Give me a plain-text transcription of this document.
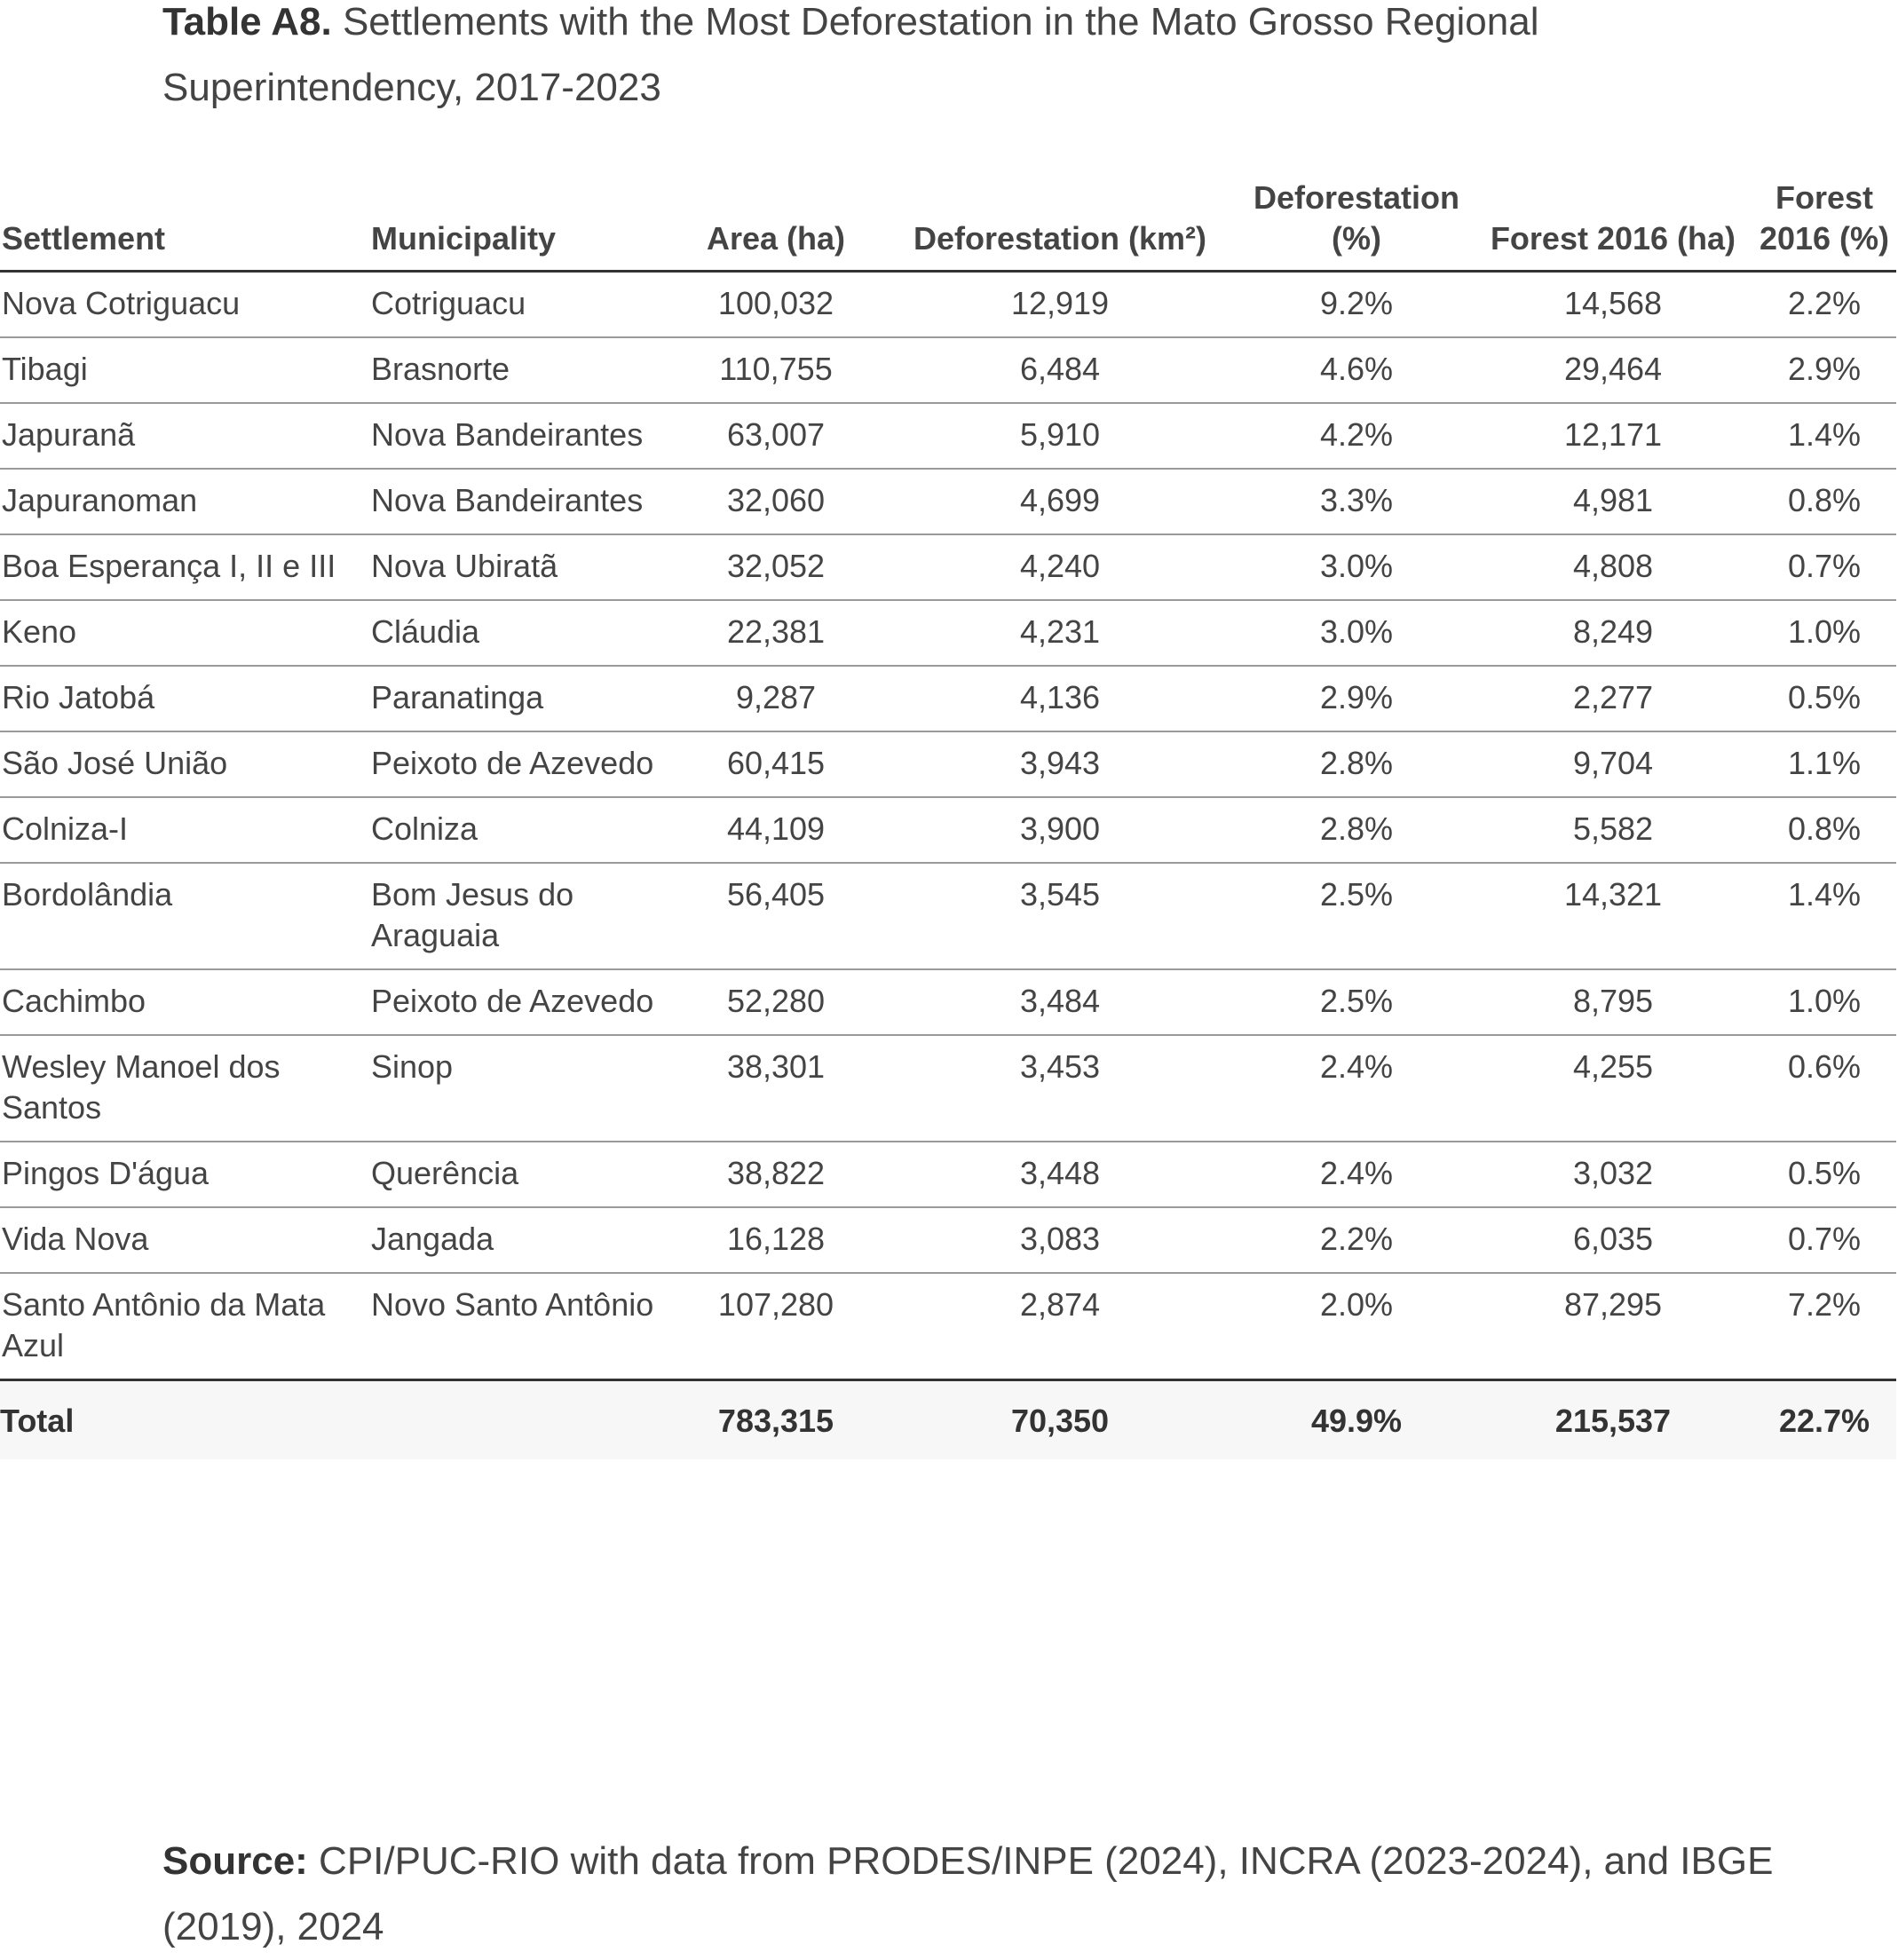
Table A8. Settlements with the Most Deforestation in the Mato Grosso Regional Superintendency, 2017-2023
Settlement	Municipality	Area (ha)	Deforestation (km²)	Deforestation (%)	Forest 2016 (ha)	Forest 2016 (%)
Nova Cotriguacu	Cotriguacu	100,032	12,919	9.2%	14,568	2.2%
Tibagi	Brasnorte	110,755	6,484	4.6%	29,464	2.9%
Japuranã	Nova Bandeirantes	63,007	5,910	4.2%	12,171	1.4%
Japuranoman	Nova Bandeirantes	32,060	4,699	3.3%	4,981	0.8%
Boa Esperança I, II e III	Nova Ubiratã	32,052	4,240	3.0%	4,808	0.7%
Keno	Cláudia	22,381	4,231	3.0%	8,249	1.0%
Rio Jatobá	Paranatinga	9,287	4,136	2.9%	2,277	0.5%
São José União	Peixoto de Azevedo	60,415	3,943	2.8%	9,704	1.1%
Colniza-I	Colniza	44,109	3,900	2.8%	5,582	0.8%
Bordolândia	Bom Jesus do Araguaia	56,405	3,545	2.5%	14,321	1.4%
Cachimbo	Peixoto de Azevedo	52,280	3,484	2.5%	8,795	1.0%
Wesley Manoel dos Santos	Sinop	38,301	3,453	2.4%	4,255	0.6%
Pingos D'água	Querência	38,822	3,448	2.4%	3,032	0.5%
Vida Nova	Jangada	16,128	3,083	2.2%	6,035	0.7%
Santo Antônio da Mata Azul	Novo Santo Antônio	107,280	2,874	2.0%	87,295	7.2%
Total		783,315	70,350	49.9%	215,537	22.7%
Source: CPI/PUC-RIO with data from PRODES/INPE (2024), INCRA (2023-2024), and IBGE (2019), 2024
